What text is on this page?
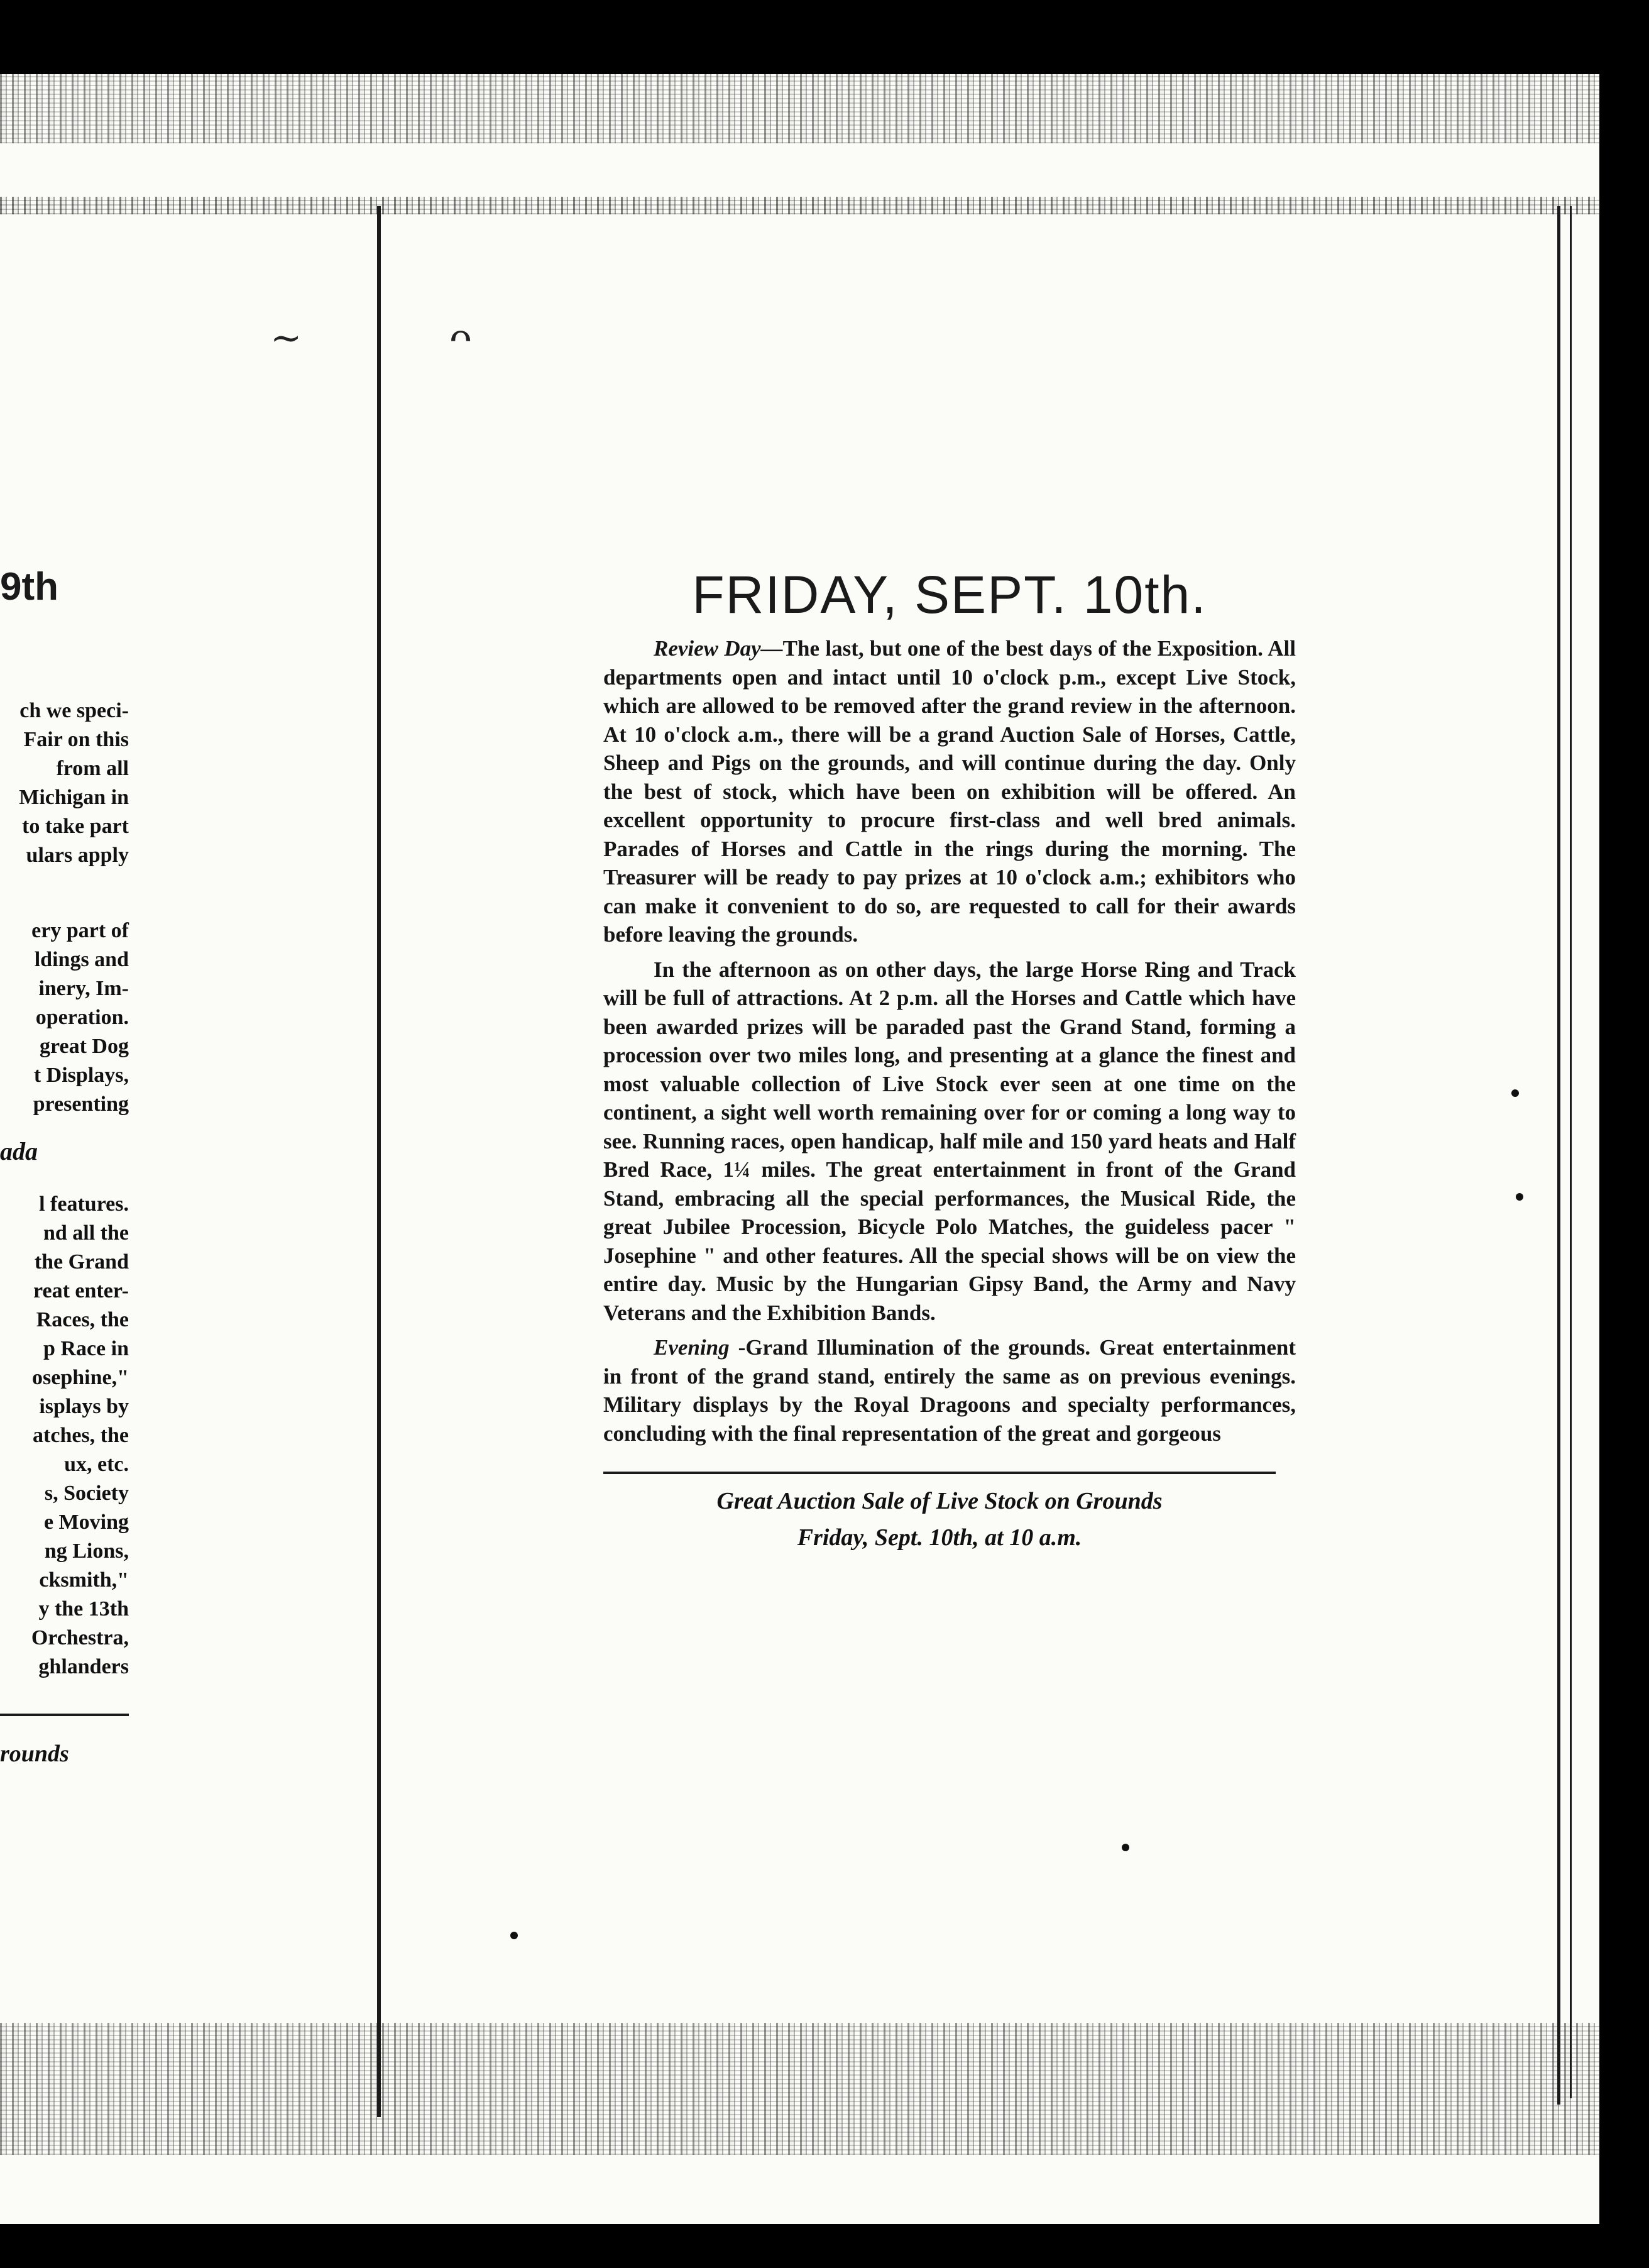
~	ᴖ
9th
ch we speci-
Fair on this
from all
Michigan in
to take part
ulars apply
ery part of
ldings and
inery, Im-
operation.
great Dog
t Displays,
presenting

ada

l features.
nd all the
the Grand
reat enter-
Races, the
p Race in
osephine,"
isplays by
atches, the
ux, etc.
s, Society
e Moving
ng Lions,
cksmith,"
y the 13th
Orchestra,
ghlanders

rounds

FRIDAY, SEPT. 10th.

Review Day—The last, but one of the best days of the Exposition. All departments open and intact until 10 o'clock p.m., except Live Stock, which are allowed to be removed after the grand review in the afternoon. At 10 o'clock a.m., there will be a grand Auction Sale of Horses, Cattle, Sheep and Pigs on the grounds, and will continue during the day. Only the best of stock, which have been on exhibition will be offered. An excellent opportunity to procure first-class and well bred animals. Parades of Horses and Cattle in the rings during the morning. The Treasurer will be ready to pay prizes at 10 o'clock a.m.; exhibitors who can make it convenient to do so, are requested to call for their awards before leaving the grounds.

In the afternoon as on other days, the large Horse Ring and Track will be full of attractions. At 2 p.m. all the Horses and Cattle which have been awarded prizes will be paraded past the Grand Stand, forming a procession over two miles long, and presenting at a glance the finest and most valuable collection of Live Stock ever seen at one time on the continent, a sight well worth remaining over for or coming a long way to see. Running races, open handicap, half mile and 150 yard heats and Half Bred Race, 1¼ miles. The great entertainment in front of the Grand Stand, embracing all the special performances, the Musical Ride, the great Jubilee Procession, Bicycle Polo Matches, the guideless pacer " Josephine " and other features. All the special shows will be on view the entire day. Music by the Hungarian Gipsy Band, the Army and Navy Veterans and the Exhibition Bands.

Evening -Grand Illumination of the grounds. Great entertainment in front of the grand stand, entirely the same as on previous evenings. Military displays by the Royal Dragoons and specialty performances, concluding with the final representation of the great and gorgeous

Great Auction Sale of Live Stock on Grounds
Friday, Sept. 10th, at 10 a.m.
